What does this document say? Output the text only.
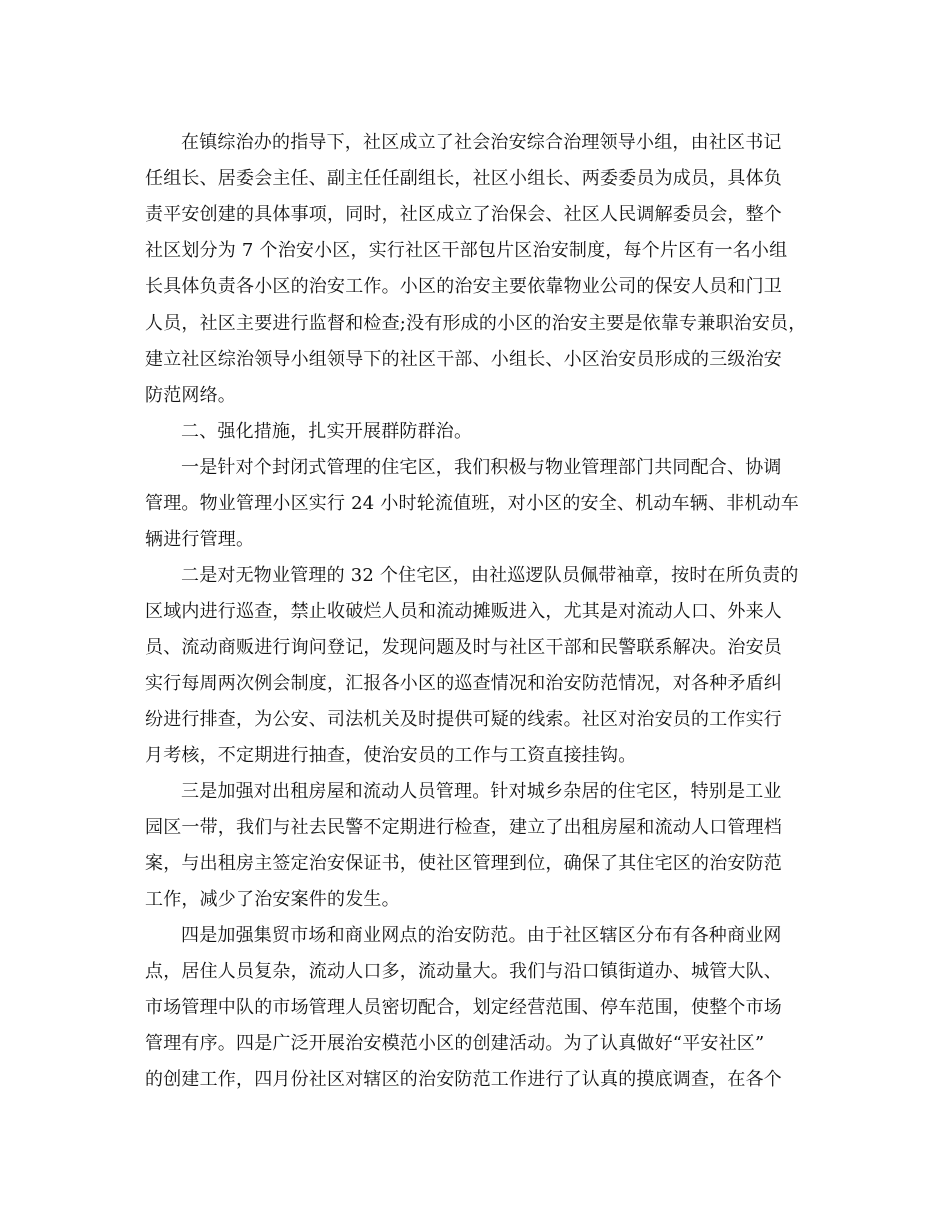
在镇综治办的指导下，社区成立了社会治安综合治理领导小组，由社区书记
任组长、居委会主任、副主任任副组长，社区小组长、两委委员为成员，具体负
责平安创建的具体事项，同时，社区成立了治保会、社区人民调解委员会，整个
社区划分为 7 个治安小区，实行社区干部包片区治安制度，每个片区有一名小组
长具体负责各小区的治安工作。小区的治安主要依靠物业公司的保安人员和门卫
人员，社区主要进行监督和检查;没有形成的小区的治安主要是依靠专兼职治安员，
建立社区综治领导小组领导下的社区干部、小组长、小区治安员形成的三级治安
防范网络。
二、强化措施，扎实开展群防群治。
一是针对个封闭式管理的住宅区，我们积极与物业管理部门共同配合、协调
管理。物业管理小区实行 24 小时轮流值班，对小区的安全、机动车辆、非机动车
辆进行管理。
二是对无物业管理的 32 个住宅区，由社巡逻队员佩带袖章，按时在所负责的
区域内进行巡查，禁止收破烂人员和流动摊贩进入，尤其是对流动人口、外来人
员、流动商贩进行询问登记，发现问题及时与社区干部和民警联系解决。治安员
实行每周两次例会制度，汇报各小区的巡查情况和治安防范情况，对各种矛盾纠
纷进行排查，为公安、司法机关及时提供可疑的线索。社区对治安员的工作实行
月考核，不定期进行抽查，使治安员的工作与工资直接挂钩。
三是加强对出租房屋和流动人员管理。针对城乡杂居的住宅区，特别是工业
园区一带，我们与社去民警不定期进行检查，建立了出租房屋和流动人口管理档
案，与出租房主签定治安保证书，使社区管理到位，确保了其住宅区的治安防范
工作，减少了治安案件的发生。
四是加强集贸市场和商业网点的治安防范。由于社区辖区分布有各种商业网
点，居住人员复杂，流动人口多，流动量大。我们与沿口镇街道办、城管大队、
市场管理中队的市场管理人员密切配合，划定经营范围、停车范围，使整个市场
管理有序。四是广泛开展治安模范小区的创建活动。为了认真做好“平安社区”
的创建工作，四月份社区对辖区的治安防范工作进行了认真的摸底调查，在各个
